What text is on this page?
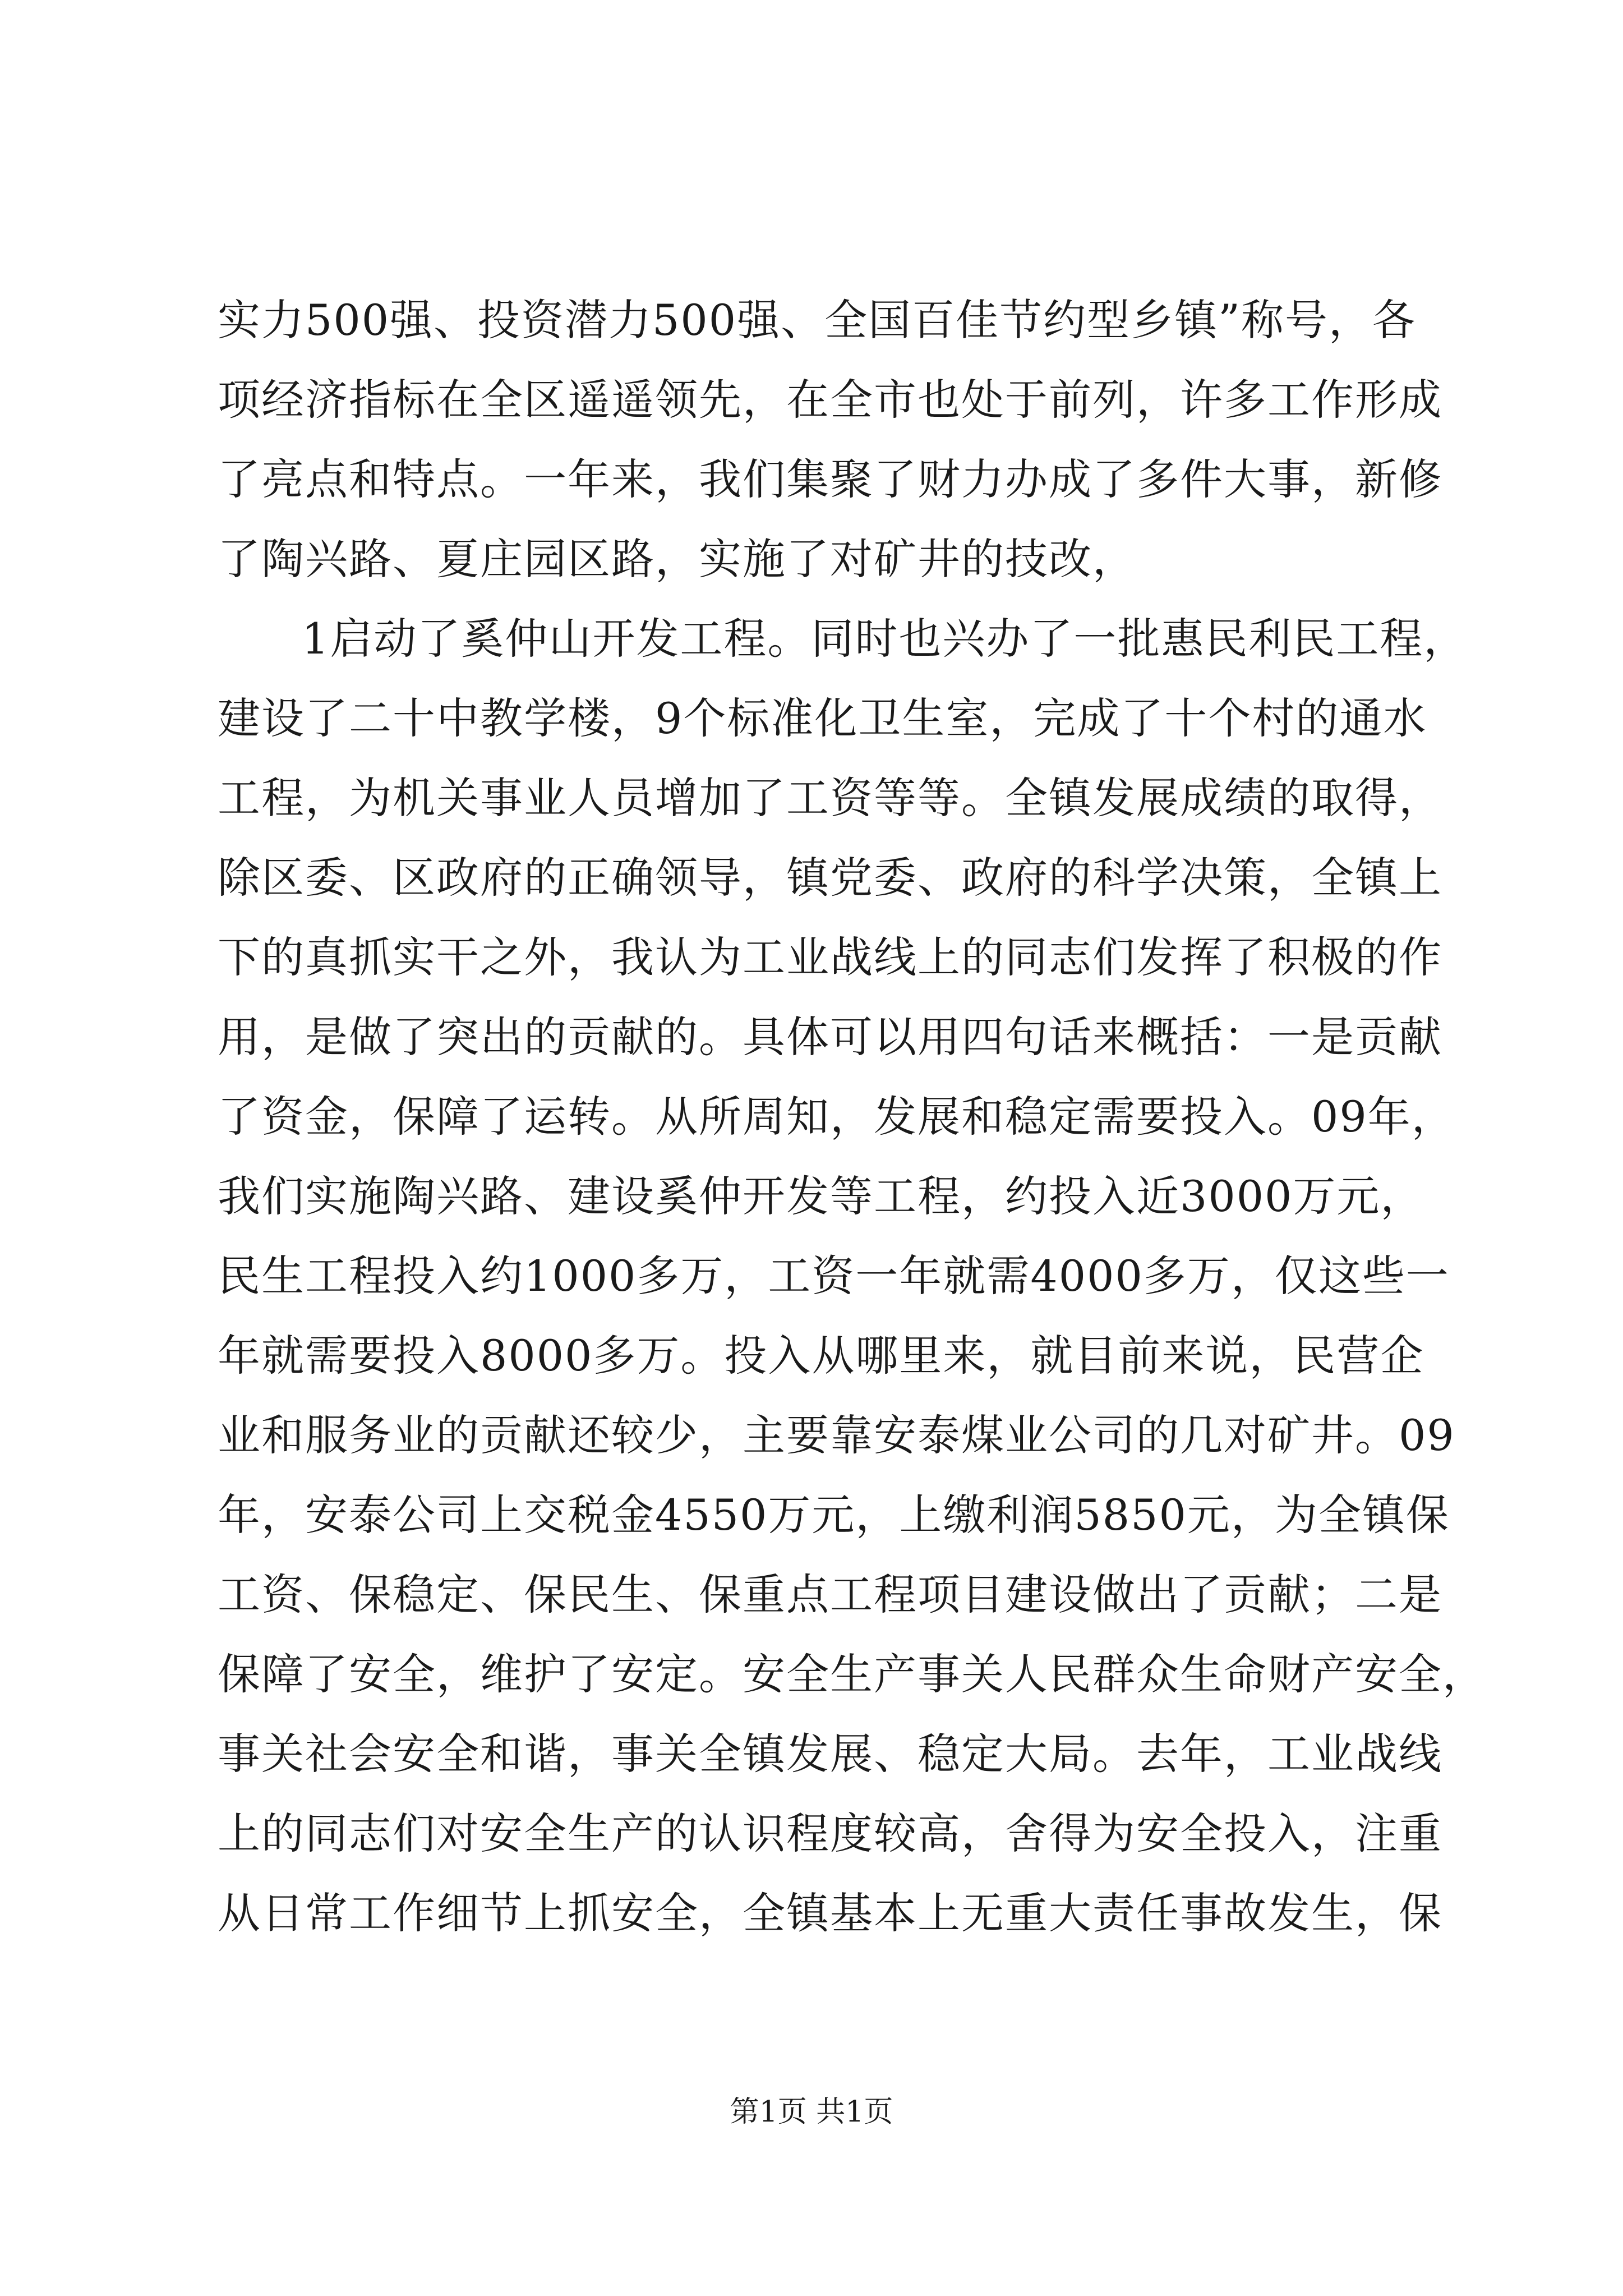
实力500强、投资潜力500强、全国百佳节约型乡镇”称号，各
项经济指标在全区遥遥领先，在全市也处于前列，许多工作形成
了亮点和特点。一年来，我们集聚了财力办成了多件大事，新修
了陶兴路、夏庄园区路，实施了对矿井的技改，
1启动了奚仲山开发工程。同时也兴办了一批惠民利民工程，
建设了二十中教学楼，9个标准化卫生室，完成了十个村的通水
工程，为机关事业人员增加了工资等等。全镇发展成绩的取得，
除区委、区政府的正确领导，镇党委、政府的科学决策，全镇上
下的真抓实干之外，我认为工业战线上的同志们发挥了积极的作
用，是做了突出的贡献的。具体可以用四句话来概括：一是贡献
了资金，保障了运转。从所周知，发展和稳定需要投入。09年，
我们实施陶兴路、建设奚仲开发等工程，约投入近3000万元，
民生工程投入约1000多万，工资一年就需4000多万，仅这些一
年就需要投入8000多万。投入从哪里来，就目前来说，民营企
业和服务业的贡献还较少，主要靠安泰煤业公司的几对矿井。09
年，安泰公司上交税金4550万元，上缴利润5850元，为全镇保
工资、保稳定、保民生、保重点工程项目建设做出了贡献；二是
保障了安全，维护了安定。安全生产事关人民群众生命财产安全，
事关社会安全和谐，事关全镇发展、稳定大局。去年，工业战线
上的同志们对安全生产的认识程度较高，舍得为安全投入，注重
从日常工作细节上抓安全，全镇基本上无重大责任事故发生，保
第1页 共1页
